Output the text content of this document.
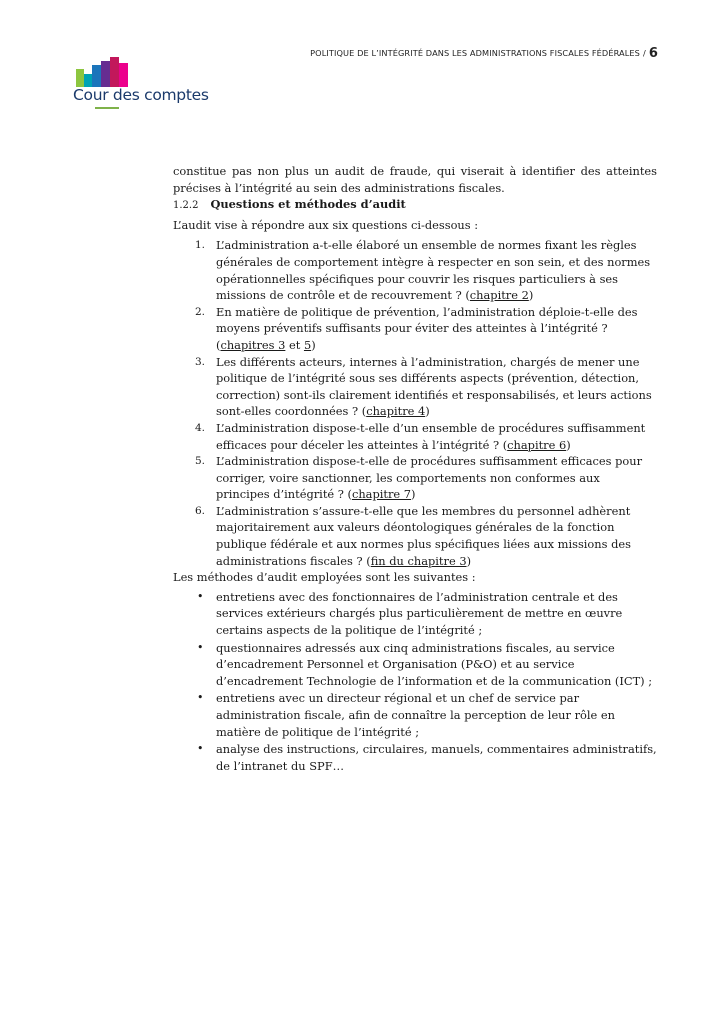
POLITIQUE DE L’INTÉGRITÉ DANS LES ADMINISTRATIONS FISCALES FÉDÉRALES / 6
Cour des comptes

constitue pas non plus un audit de fraude, qui viserait à identifier des atteintes précises à l’intégrité au sein des administrations fiscales.

1.2.2 Questions et méthodes d’audit

L’audit vise à répondre aux six questions ci-dessous :

1. L’administration a-t-elle élaboré un ensemble de normes fixant les règles générales de comportement intègre à respecter en son sein, et des normes opérationnelles spécifiques pour couvrir les risques particuliers à ses missions de contrôle et de recouvrement ? (chapitre 2)
2. En matière de politique de prévention, l’administration déploie-t-elle des moyens préventifs suffisants pour éviter des atteintes à l’intégrité ? (chapitres 3 et 5)
3. Les différents acteurs, internes à l’administration, chargés de mener une politique de l’intégrité sous ses différents aspects (prévention, détection, correction) sont-ils clairement identifiés et responsabilisés, et leurs actions sont-elles coordonnées ? (chapitre 4)
4. L’administration dispose-t-elle d’un ensemble de procédures suffisamment efficaces pour déceler les atteintes à l’intégrité ? (chapitre 6)
5. L’administration dispose-t-elle de procédures suffisamment efficaces pour corriger, voire sanctionner, les comportements non conformes aux principes d’intégrité ? (chapitre 7)
6. L’administration s’assure-t-elle que les membres du personnel adhèrent majoritairement aux valeurs déontologiques générales de la fonction publique fédérale et aux normes plus spécifiques liées aux missions des administrations fiscales ? (fin du chapitre 3)

Les méthodes d’audit employées sont les suivantes :

• entretiens avec des fonctionnaires de l’administration centrale et des services extérieurs chargés plus particulièrement de mettre en œuvre certains aspects de la politique de l’intégrité ;
• questionnaires adressés aux cinq administrations fiscales, au service d’encadrement Personnel et Organisation (P&O) et au service d’encadrement Technologie de l’information et de la communication (ICT) ;
• entretiens avec un directeur régional et un chef de service par administration fiscale, afin de connaître la perception de leur rôle en matière de politique de l’intégrité ;
• analyse des instructions, circulaires, manuels, commentaires administratifs, de l’intranet du SPF…
